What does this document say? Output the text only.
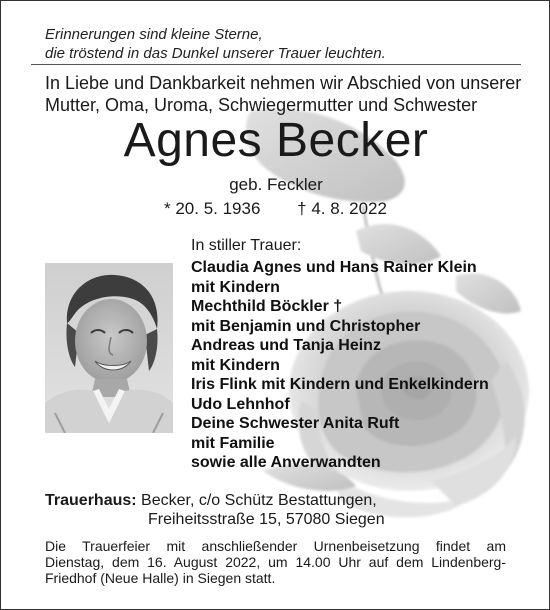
Erinnerungen sind kleine Sterne,
die tröstend in das Dunkel unserer Trauer leuchten.
In Liebe und Dankbarkeit nehmen wir Abschied von unserer
Mutter, Oma, Uroma, Schwiegermutter und Schwester
Agnes Becker
geb. Feckler
* 20. 5. 1936 † 4. 8. 2022
In stiller Trauer:
Claudia Agnes und Hans Rainer Klein
mit Kindern
Mechthild Böckler †
mit Benjamin und Christopher
Andreas und Tanja Heinz
mit Kindern
Iris Flink mit Kindern und Enkelkindern
Udo Lehnhof
Deine Schwester Anita Ruft
mit Familie
sowie alle Anverwandten
Trauerhaus: Becker, c/o Schütz Bestattungen,
Freiheitsstraße 15, 57080 Siegen
Die Trauerfeier mit anschließender Urnenbeisetzung findet am
Dienstag, dem 16. August 2022, um 14.00 Uhr auf dem Lindenberg-
Friedhof (Neue Halle) in Siegen statt.
